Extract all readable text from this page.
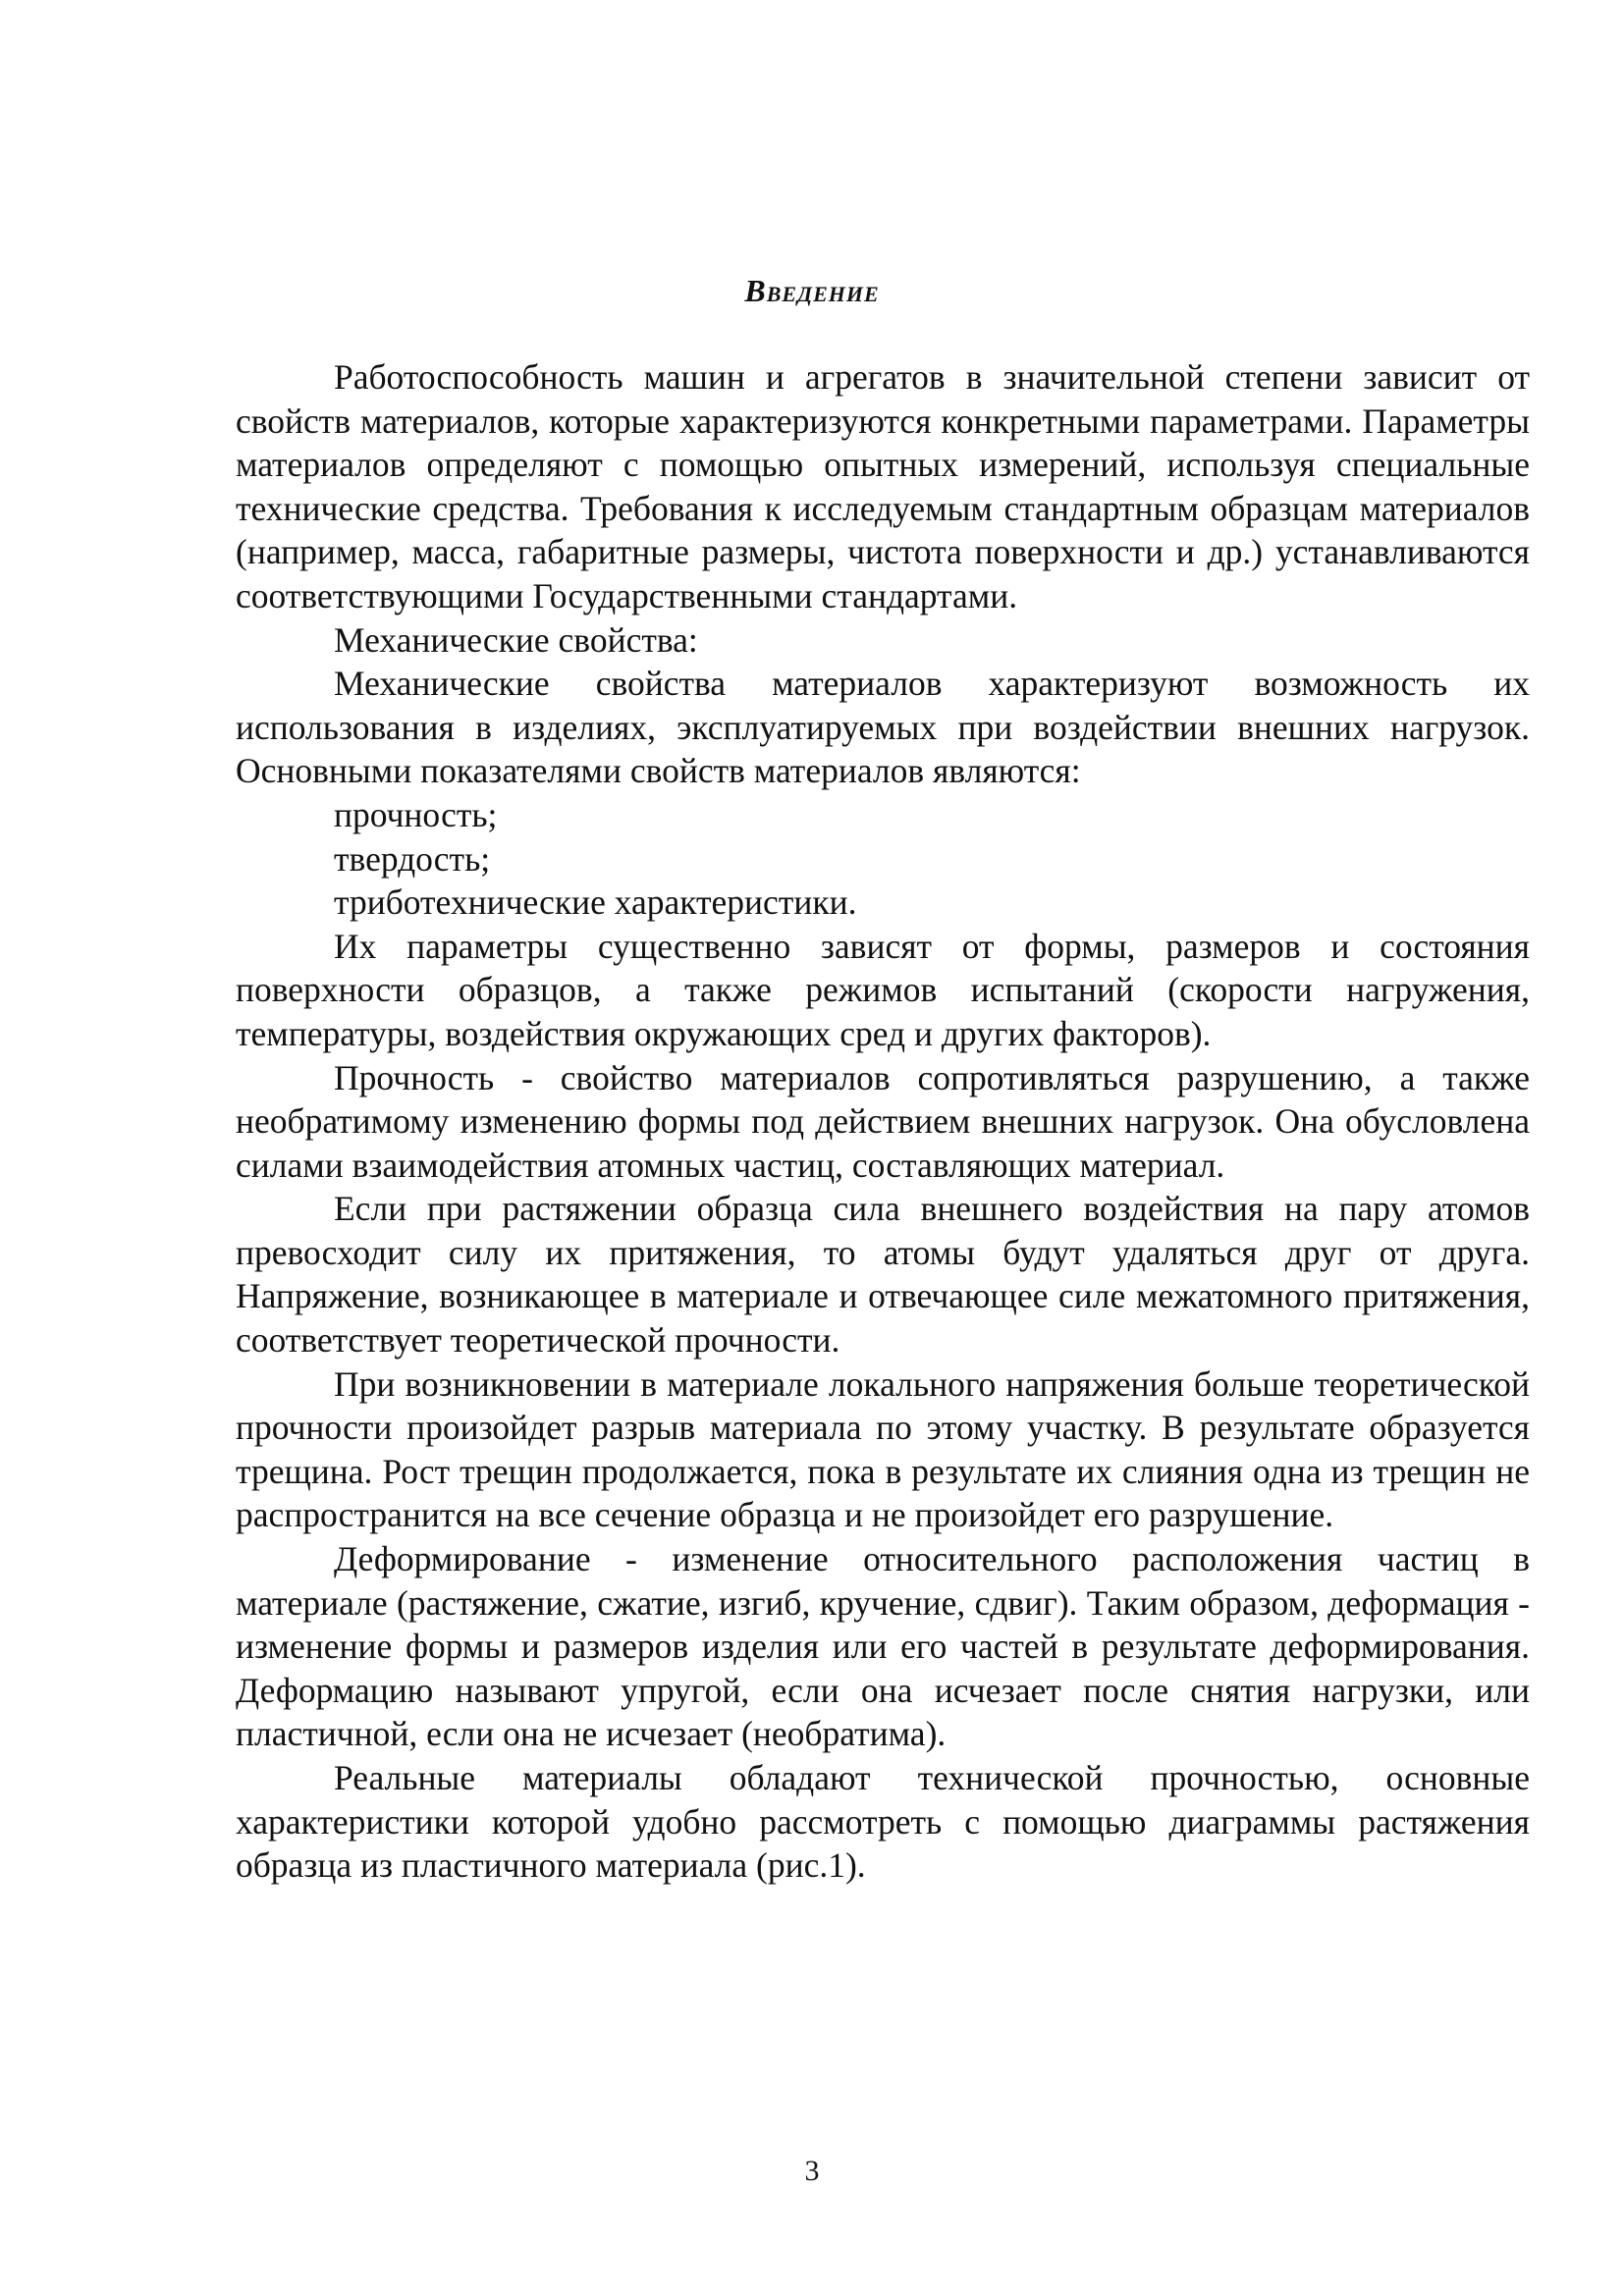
Введение

Работоспособность машин и агрегатов в значительной степени зависит от свойств материалов, которые характеризуются конкретными параметрами. Параметры материалов определяют с помощью опытных измерений, используя специальные технические средства. Требования к исследуемым стандартным образцам материалов (например, масса, габаритные размеры, чистота поверхности и др.) устанавливаются соответствующими Государственными стандартами.

Механические свойства:

Механические свойства материалов характеризуют возможность их использования в изделиях, эксплуатируемых при воздействии внешних нагрузок. Основными показателями свойств материалов являются:

прочность;

твердость;

триботехнические характеристики.

Их параметры существенно зависят от формы, размеров и состояния поверхности образцов, а также режимов испытаний (скорости нагружения, температуры, воздействия окружающих сред и других факторов).

Прочность - свойство материалов сопротивляться разрушению, а также необратимому изменению формы под действием внешних нагрузок. Она обусловлена силами взаимодействия атомных частиц, составляющих материал.

Если при растяжении образца сила внешнего воздействия на пару атомов превосходит силу их притяжения, то атомы будут удаляться друг от друга. Напряжение, возникающее в материале и отвечающее силе межатомного притяжения, соответствует теоретической прочности.

При возникновении в материале локального напряжения больше теоретической прочности произойдет разрыв материала по этому участку. В результате образуется трещина. Рост трещин продолжается, пока в результате их слияния одна из трещин не распространится на все сечение образца и не произойдет его разрушение.

Деформирование - изменение относительного расположения частиц в материале (растяжение, сжатие, изгиб, кручение, сдвиг). Таким образом, деформация - изменение формы и размеров изделия или его частей в результате деформирования. Деформацию называют упругой, если она исчезает после снятия нагрузки, или пластичной, если она не исчезает (необратима).

Реальные материалы обладают технической прочностью, основные характеристики которой удобно рассмотреть с помощью диаграммы растяжения образца из пластичного материала (рис.1).

3
